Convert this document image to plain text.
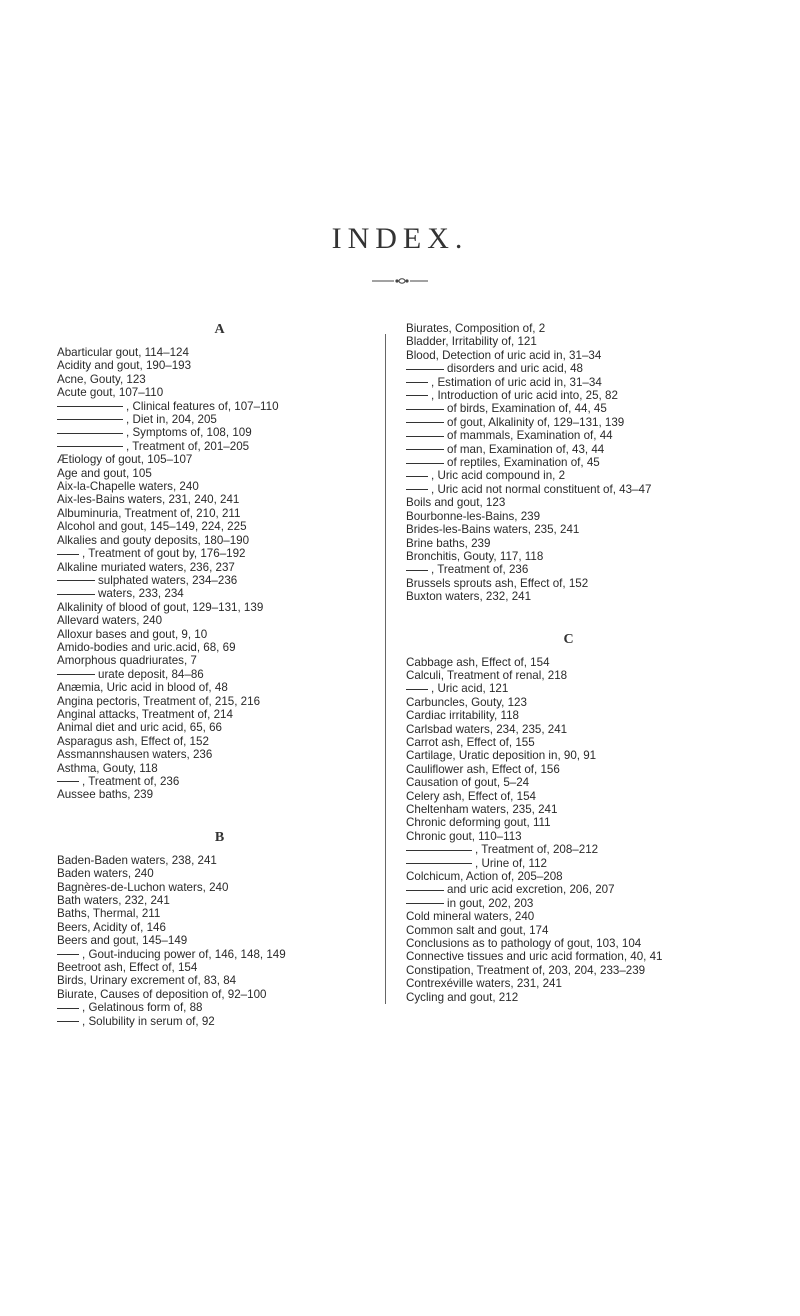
INDEX.
A
Abarticular gout, 114–124
Acidity and gout, 190–193
Acne, Gouty, 123
Acute gout, 107–110
, Clinical features of, 107–110
, Diet in, 204, 205
, Symptoms of, 108, 109
, Treatment of, 201–205
Ætiology of gout, 105–107
Age and gout, 105
Aix-la-Chapelle waters, 240
Aix-les-Bains waters, 231, 240, 241
Albuminuria, Treatment of, 210, 211
Alcohol and gout, 145–149, 224, 225
Alkalies and gouty deposits, 180–190
, Treatment of gout by, 176–192
Alkaline muriated waters, 236, 237
sulphated waters, 234–236
waters, 233, 234
Alkalinity of blood of gout, 129–131, 139
Allevard waters, 240
Alloxur bases and gout, 9, 10
Amido-bodies and uric.acid, 68, 69
Amorphous quadriurates, 7
urate deposit, 84–86
Anæmia, Uric acid in blood of, 48
Angina pectoris, Treatment of, 215, 216
Anginal attacks, Treatment of, 214
Animal diet and uric acid, 65, 66
Asparagus ash, Effect of, 152
Assmannshausen waters, 236
Asthma, Gouty, 118
, Treatment of, 236
Aussee baths, 239
B
Baden-Baden waters, 238, 241
Baden waters, 240
Bagnères-de-Luchon waters, 240
Bath waters, 232, 241
Baths, Thermal, 211
Beers, Acidity of, 146
Beers and gout, 145–149
, Gout-inducing power of, 146, 148, 149
Beetroot ash, Effect of, 154
Birds, Urinary excrement of, 83, 84
Biurate, Causes of deposition of, 92–100
, Gelatinous form of, 88
, Solubility in serum of, 92
Biurates, Composition of, 2
Bladder, Irritability of, 121
Blood, Detection of uric acid in, 31–34
disorders and uric acid, 48
, Estimation of uric acid in, 31–34
, Introduction of uric acid into, 25, 82
of birds, Examination of, 44, 45
of gout, Alkalinity of, 129–131, 139
of mammals, Examination of, 44
of man, Examination of, 43, 44
of reptiles, Examination of, 45
, Uric acid compound in, 2
, Uric acid not normal constituent of, 43–47
Boils and gout, 123
Bourbonne-les-Bains, 239
Brides-les-Bains waters, 235, 241
Brine baths, 239
Bronchitis, Gouty, 117, 118
, Treatment of, 236
Brussels sprouts ash, Effect of, 152
Buxton waters, 232, 241
C
Cabbage ash, Effect of, 154
Calculi, Treatment of renal, 218
, Uric acid, 121
Carbuncles, Gouty, 123
Cardiac irritability, 118
Carlsbad waters, 234, 235, 241
Carrot ash, Effect of, 155
Cartilage, Uratic deposition in, 90, 91
Cauliflower ash, Effect of, 156
Causation of gout, 5–24
Celery ash, Effect of, 154
Cheltenham waters, 235, 241
Chronic deforming gout, 111
Chronic gout, 110–113
, Treatment of, 208–212
, Urine of, 112
Colchicum, Action of, 205–208
and uric acid excretion, 206, 207
in gout, 202, 203
Cold mineral waters, 240
Common salt and gout, 174
Conclusions as to pathology of gout, 103, 104
Connective tissues and uric acid formation, 40, 41
Constipation, Treatment of, 203, 204, 233–239
Contrexéville waters, 231, 241
Cycling and gout, 212
